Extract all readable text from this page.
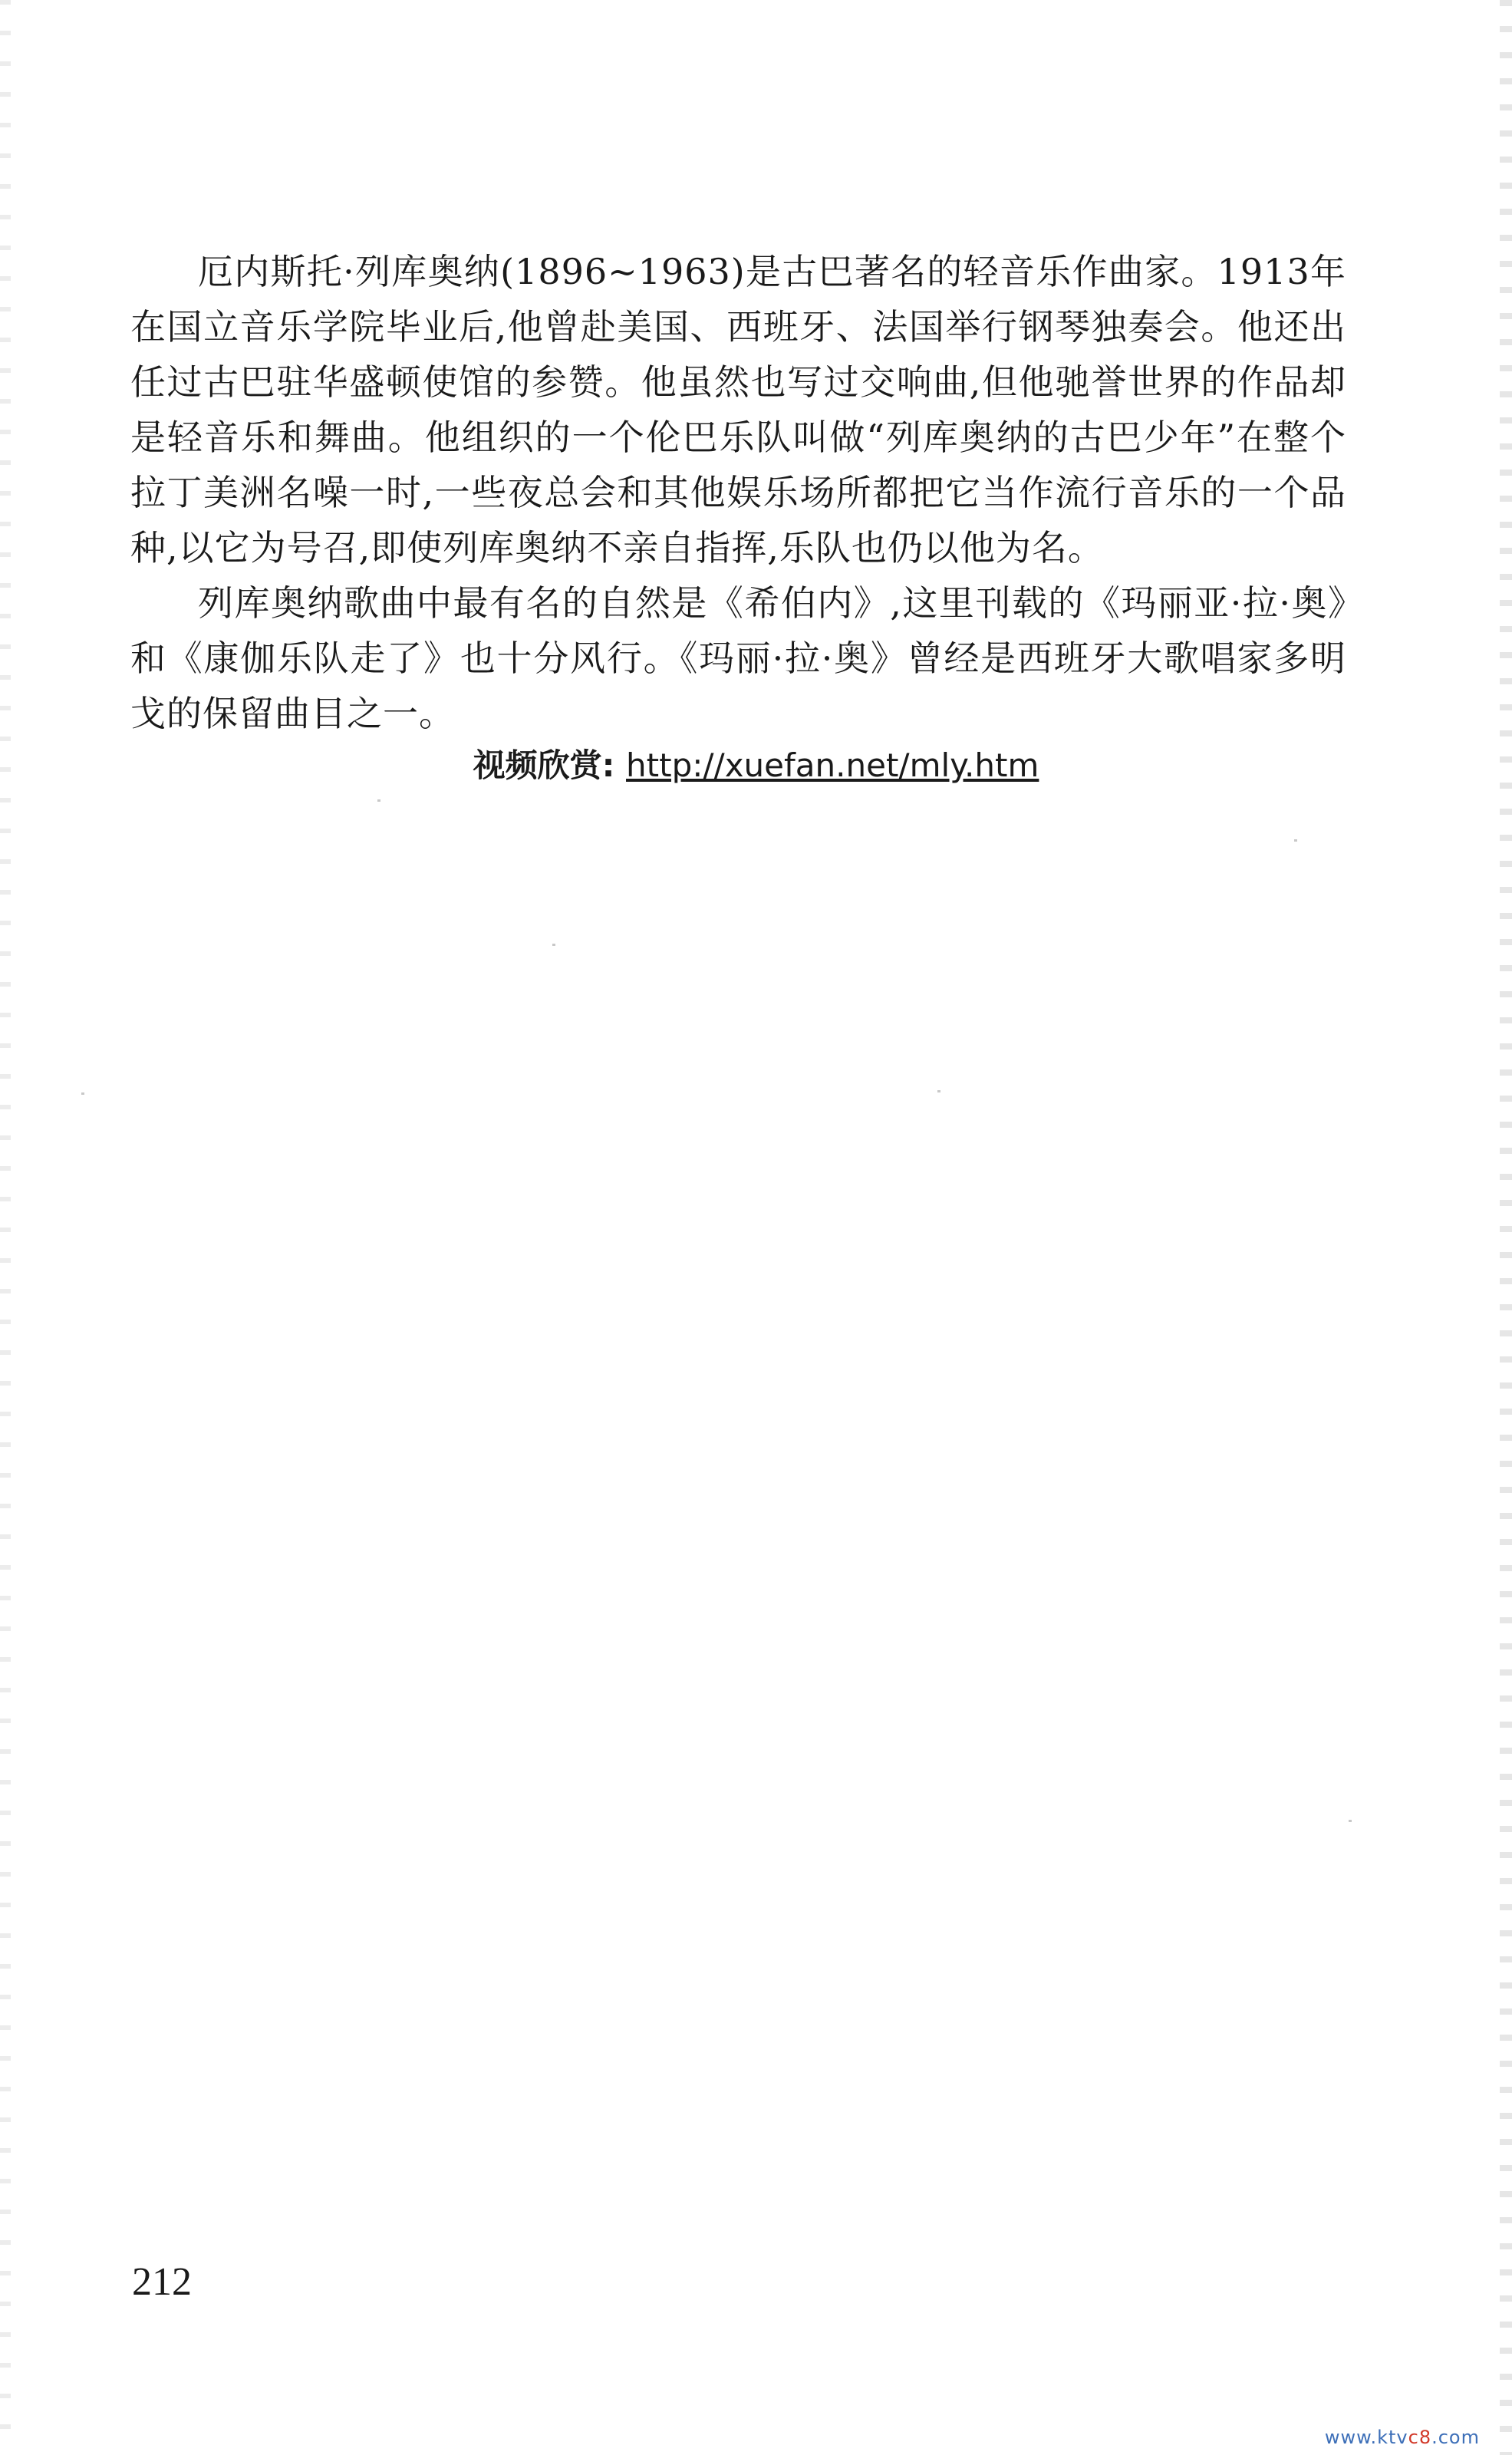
厄内斯托·列库奥纳(1896~1963)是古巴著名的轻音乐作曲家。1913年在国立音乐学院毕业后,他曾赴美国、西班牙、法国举行钢琴独奏会。他还出任过古巴驻华盛顿使馆的参赞。他虽然也写过交响曲,但他驰誉世界的作品却是轻音乐和舞曲。他组织的一个伦巴乐队叫做“列库奥纳的古巴少年”在整个拉丁美洲名噪一时,一些夜总会和其他娱乐场所都把它当作流行音乐的一个品种,以它为号召,即使列库奥纳不亲自指挥,乐队也仍以他为名。

列库奥纳歌曲中最有名的自然是《希伯内》,这里刊载的《玛丽亚·拉·奥》和《康伽乐队走了》也十分风行。《玛丽·拉·奥》曾经是西班牙大歌唱家多明戈的保留曲目之一。

视频欣赏: http://xuefan.net/mly.htm
212
www.ktvc8.com
